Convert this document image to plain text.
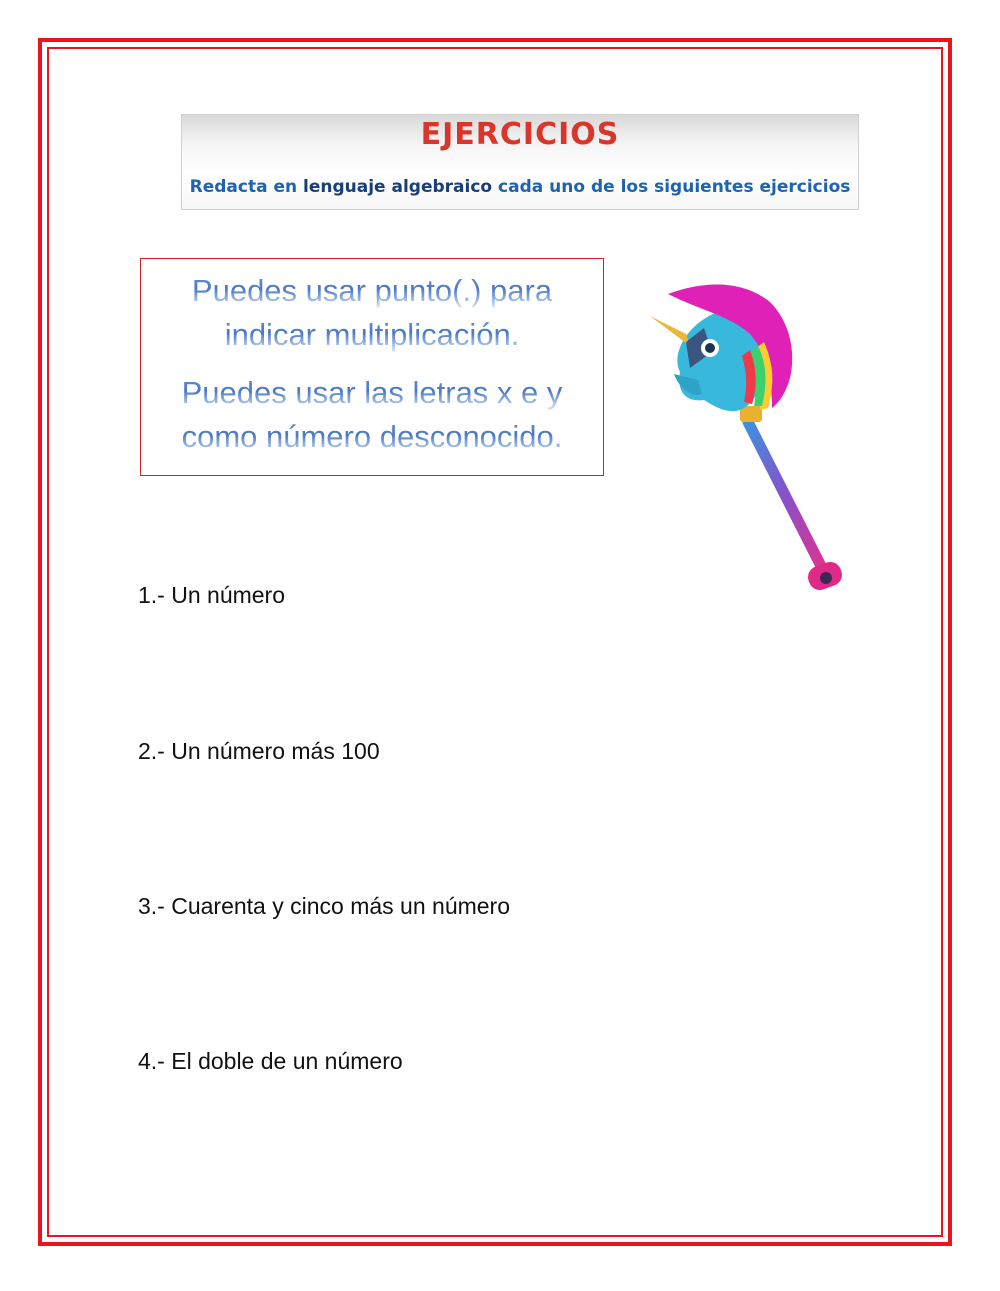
EJERCICIOS
Redacta en lenguaje algebraico cada uno de los siguientes ejercicios
Puedes usar punto(.) para
indicar multiplicación.
Puedes usar las letras x e y
como número desconocido.
1.- Un número
2.- Un número más 100
3.- Cuarenta y cinco más un número
4.- El doble de un número
